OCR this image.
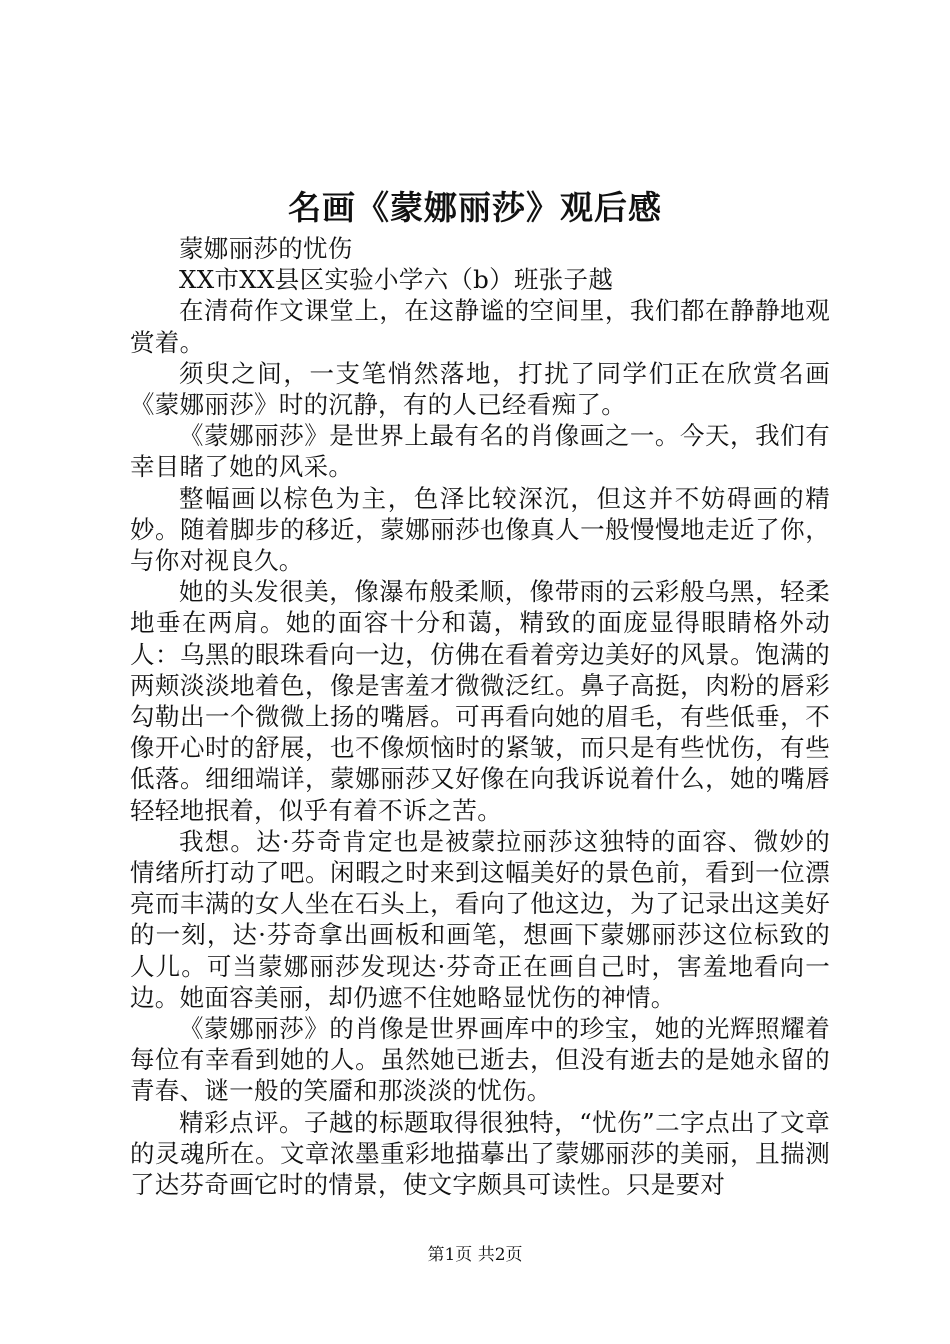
名画《蒙娜丽莎》观后感

蒙娜丽莎的忧伤

XX市XX县区实验小学六（b）班张子越

在清荷作文课堂上，在这静谧的空间里，我们都在静静地观赏着。

须臾之间，一支笔悄然落地，打扰了同学们正在欣赏名画《蒙娜丽莎》时的沉静，有的人已经看痴了。

《蒙娜丽莎》是世界上最有名的肖像画之一。今天，我们有幸目睹了她的风采。

整幅画以棕色为主，色泽比较深沉，但这并不妨碍画的精妙。随着脚步的移近，蒙娜丽莎也像真人一般慢慢地走近了你，与你对视良久。

她的头发很美，像瀑布般柔顺，像带雨的云彩般乌黑，轻柔地垂在两肩。她的面容十分和蔼，精致的面庞显得眼睛格外动人：乌黑的眼珠看向一边，仿佛在看着旁边美好的风景。饱满的两颊淡淡地着色，像是害羞才微微泛红。鼻子高挺，肉粉的唇彩勾勒出一个微微上扬的嘴唇。可再看向她的眉毛，有些低垂，不像开心时的舒展，也不像烦恼时的紧皱，而只是有些忧伤，有些低落。细细端详，蒙娜丽莎又好像在向我诉说着什么，她的嘴唇轻轻地抿着，似乎有着不诉之苦。

我想。达·芬奇肯定也是被蒙拉丽莎这独特的面容、微妙的情绪所打动了吧。闲暇之时来到这幅美好的景色前，看到一位漂亮而丰满的女人坐在石头上，看向了他这边，为了记录出这美好的一刻，达·芬奇拿出画板和画笔，想画下蒙娜丽莎这位标致的人儿。可当蒙娜丽莎发现达·芬奇正在画自己时，害羞地看向一边。她面容美丽，却仍遮不住她略显忧伤的神情。

《蒙娜丽莎》的肖像是世界画库中的珍宝，她的光辉照耀着每位有幸看到她的人。虽然她已逝去，但没有逝去的是她永留的青春、谜一般的笑靥和那淡淡的忧伤。

精彩点评。子越的标题取得很独特，“忧伤”二字点出了文章的灵魂所在。文章浓墨重彩地描摹出了蒙娜丽莎的美丽，且揣测了达芬奇画它时的情景，使文字颇具可读性。只是要对

第1页 共2页
